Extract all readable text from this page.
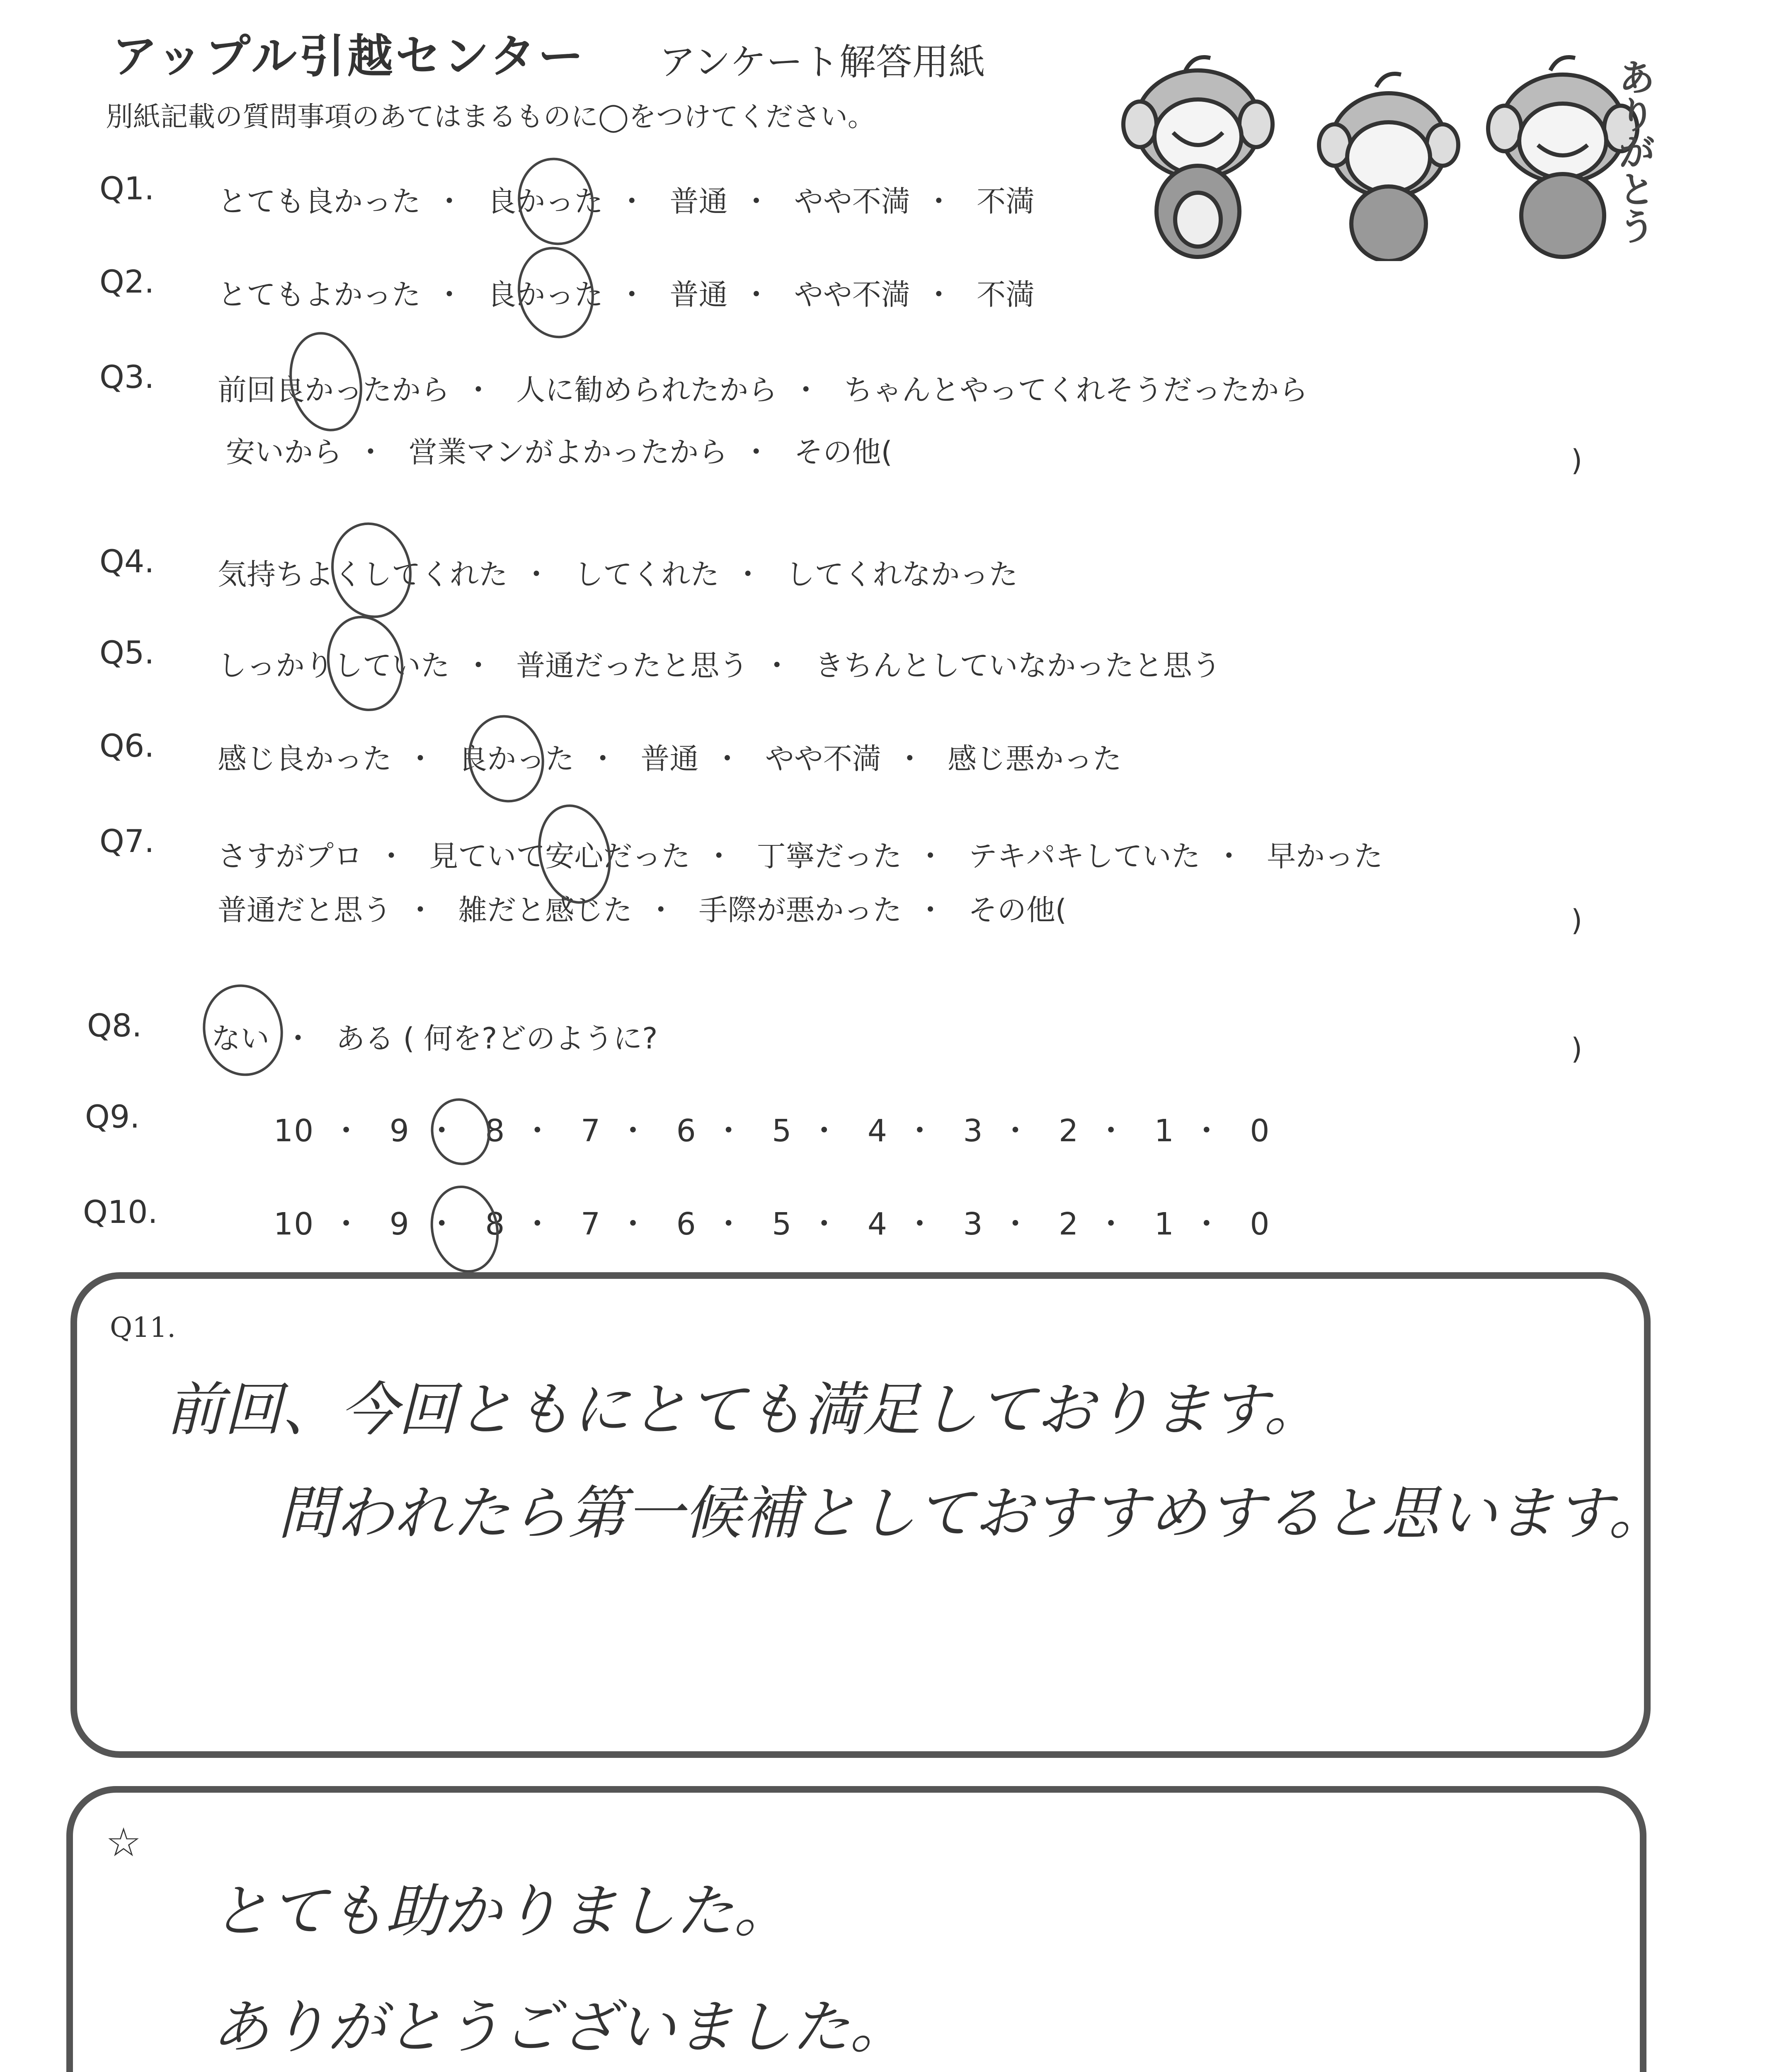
アップル引越センター アンケート解答用紙
別紙記載の質問事項のあてはまるものに◯をつけてください。	ありがとう
Q1. とても良かった ・ 良かった ・ 普通 ・ やや不満 ・ 不満
Q2. とてもよかった ・ 良かった ・ 普通 ・ やや不満 ・ 不満
Q3. 前回良かったから ・ 人に勧められたから ・ ちゃんとやってくれそうだったから
安いから ・ 営業マンがよかったから ・ その他(	)
Q4. 気持ちよくしてくれた ・ してくれた ・ してくれなかった
Q5. しっかりしていた ・ 普通だったと思う ・ きちんとしていなかったと思う
Q6. 感じ良かった ・ 良かった ・ 普通 ・ やや不満 ・ 感じ悪かった
Q7. さすがプロ ・ 見ていて安心だった ・ 丁寧だった ・ テキパキしていた ・ 早かった
普通だと思う ・ 雑だと感じた ・ 手際が悪かった ・ その他(	)
Q8. ない ・ ある ( 何を?どのように?	)
Q9.	10 ・ 9 ・ 8 ・ 7 ・ 6 ・ 5 ・ 4 ・ 3 ・ 2 ・ 1 ・ 0
Q10.	10 ・ 9 ・ 8 ・ 7 ・ 6 ・ 5 ・ 4 ・ 3 ・ 2 ・ 1 ・ 0
Q11.
前回、今回ともにとても満足しております。
問われたら第一候補としておすすめすると思います。
☆
とても助かりました。
ありがとうございました。
